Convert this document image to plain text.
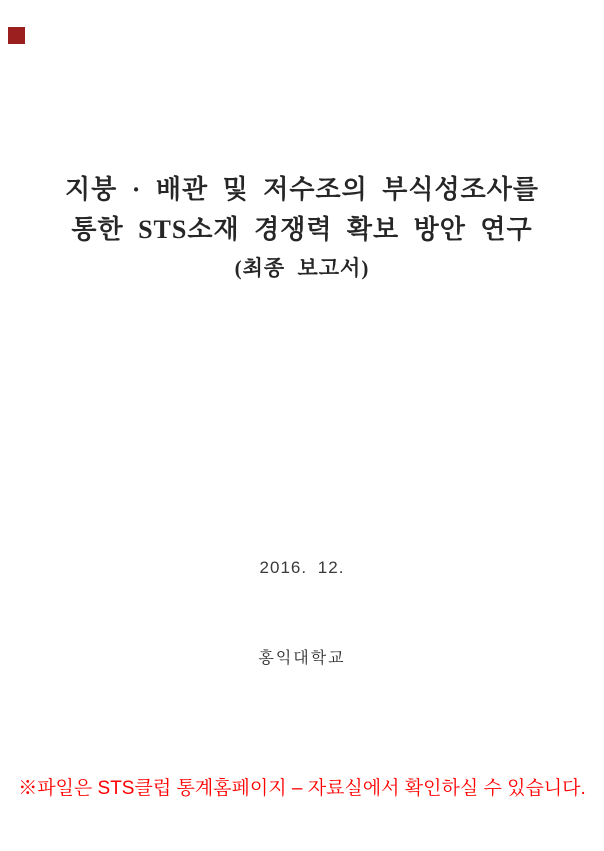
지붕 · 배관 및 저수조의 부식성조사를
통한 STS소재 경쟁력 확보 방안 연구
(최종 보고서)
2016. 12.
홍익대학교
※파일은 STS클럽 통계홈페이지 – 자료실에서 확인하실 수 있습니다.
